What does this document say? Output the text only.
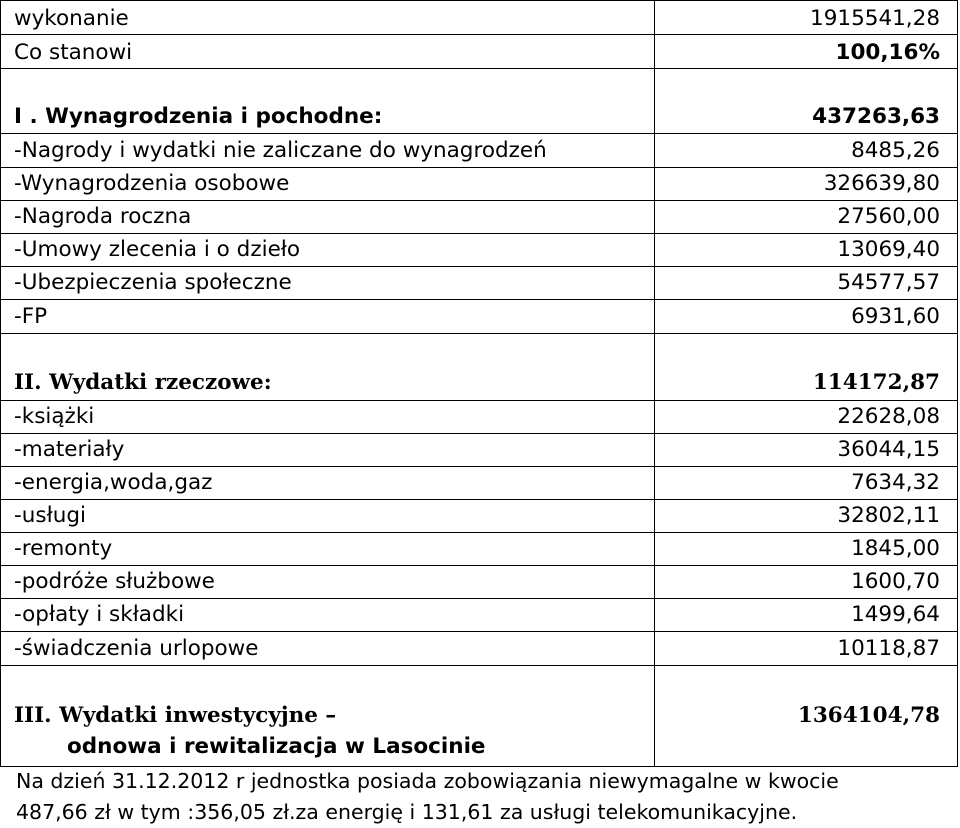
wykonanie	1915541,28
Co stanowi	100,16%
I . Wynagrodzenia i pochodne:	437263,63
-Nagrody i wydatki nie zaliczane do wynagrodzeń	8485,26
-Wynagrodzenia osobowe	326639,80
-Nagroda roczna	27560,00
-Umowy zlecenia i o dzieło	13069,40
-Ubezpieczenia społeczne	54577,57
-FP	6931,60
II. Wydatki rzeczowe:	114172,87
-książki	22628,08
-materiały	36044,15
-energia,woda,gaz	7634,32
-usługi	32802,11
-remonty	1845,00
-podróże służbowe	1600,70
-opłaty i składki	1499,64
-świadczenia urlopowe	10118,87
III. Wydatki inwestycyjne –	1364104,78
odnowa i rewitalizacja w Lasocinie
Na dzień 31.12.2012 r jednostka posiada zobowiązania niewymagalne w kwocie
487,66 zł w tym :356,05 zł.za energię i 131,61 za usługi telekomunikacyjne.
